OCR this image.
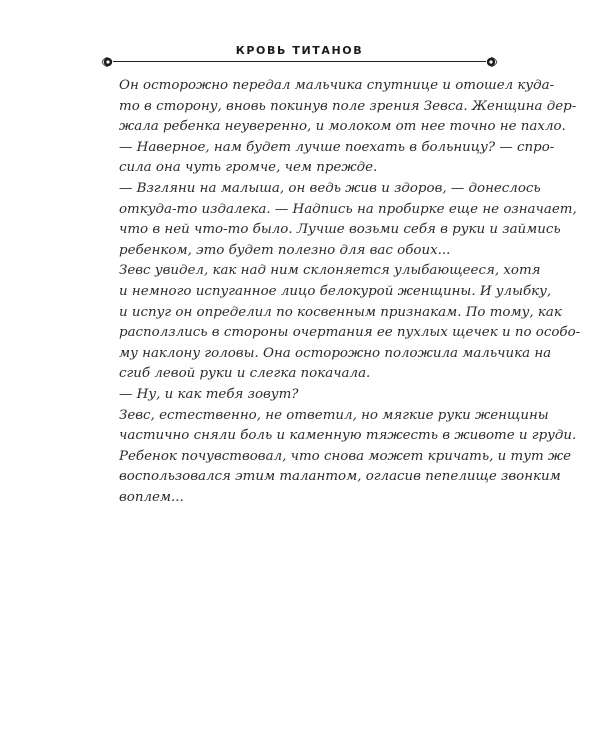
КРОВЬ ТИТАНОВ
Он осторожно передал мальчика спутнице и отошел куда-
то в сторону, вновь покинув поле зрения Зевса. Женщина дер-
жала ребенка неуверенно, и молоком от нее точно не пахло.
— Наверное, нам будет лучше поехать в больницу? — спро-
сила она чуть громче, чем прежде.
— Взгляни на малыша, он ведь жив и здоров, — донеслось
откуда-то издалека. — Надпись на пробирке еще не означает,
что в ней что-то было. Лучше возьми себя в руки и займись
ребенком, это будет полезно для вас обоих...
Зевс увидел, как над ним склоняется улыбающееся, хотя
и немного испуганное лицо белокурой женщины. И улыбку,
и испуг он определил по косвенным признакам. По тому, как
расползлись в стороны очертания ее пухлых щечек и по особо-
му наклону головы. Она осторожно положила мальчика на
сгиб левой руки и слегка покачала.
— Ну, и как тебя зовут?
Зевс, естественно, не ответил, но мягкие руки женщины
частично сняли боль и каменную тяжесть в животе и груди.
Ребенок почувствовал, что снова может кричать, и тут же
воспользовался этим талантом, огласив пепелище звонким
воплем...
